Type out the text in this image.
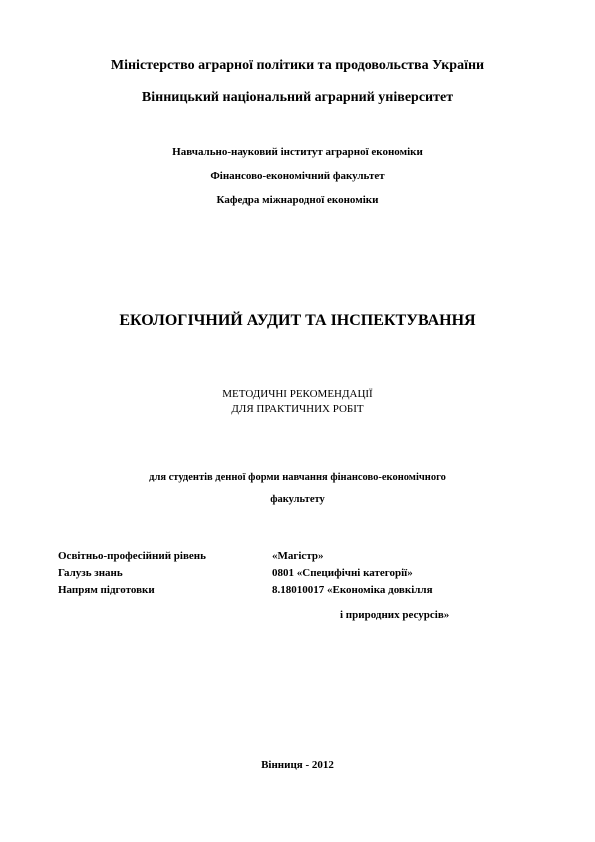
Міністерство аграрної політики та продовольства України
Вінницький національний аграрний університет
Навчально-науковий інститут аграрної економіки
Фінансово-економічний факультет
Кафедра міжнародної економіки
ЕКОЛОГІЧНИЙ АУДИТ ТА ІНСПЕКТУВАННЯ
МЕТОДИЧНІ РЕКОМЕНДАЦІЇ
ДЛЯ ПРАКТИЧНИХ РОБІТ
для студентів денної форми навчання фінансово-економічного
факультету
Освітньо-професійний рівень	«Магістр»
Галузь знань	0801 «Специфічні категорії»
Напрям підготовки	8.18010017 «Економіка довкілля
і природних ресурсів»
Вінниця - 2012
